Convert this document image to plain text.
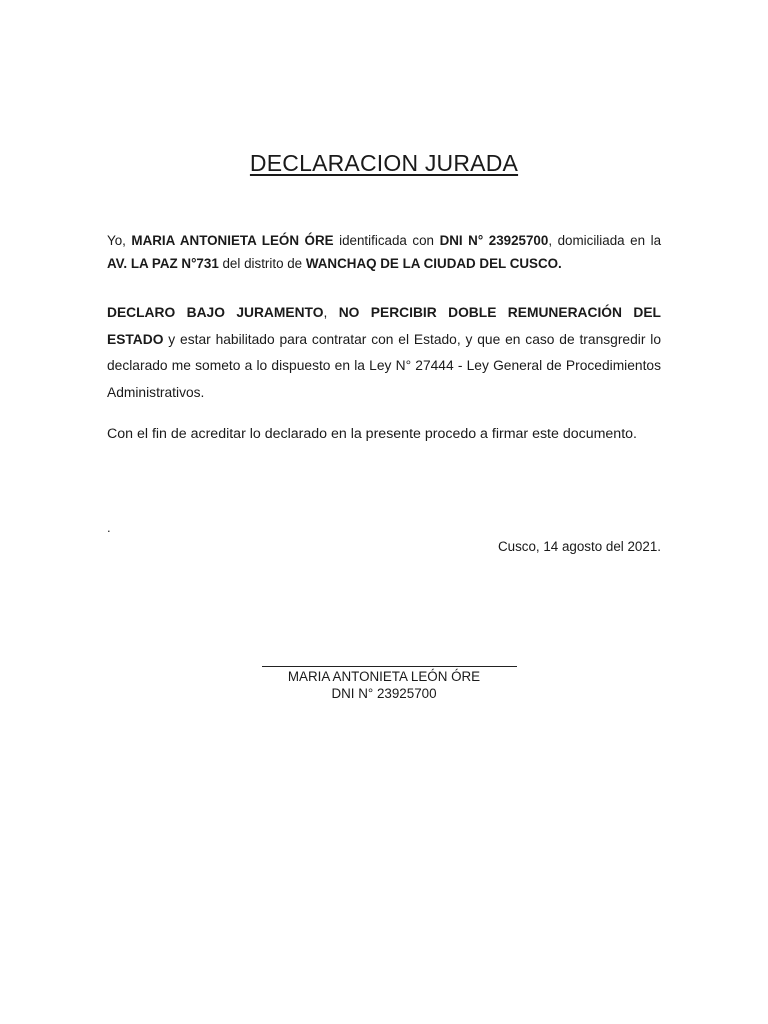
DECLARACION JURADA

Yo, MARIA ANTONIETA LEÓN ÓRE identificada con DNI N° 23925700, domiciliada en la AV. LA PAZ N°731 del distrito de WANCHAQ DE LA CIUDAD DEL CUSCO.

DECLARO BAJO JURAMENTO, NO PERCIBIR DOBLE REMUNERACIÓN DEL ESTADO y estar habilitado para contratar con el Estado, y que en caso de transgredir lo declarado me someto a lo dispuesto en la Ley N° 27444 - Ley General de Procedimientos Administrativos.

Con el fin de acreditar lo declarado en la presente procedo a firmar este documento.

.
Cusco, 14 agosto del 2021.
MARIA ANTONIETA LEÓN ÓRE
DNI N° 23925700
